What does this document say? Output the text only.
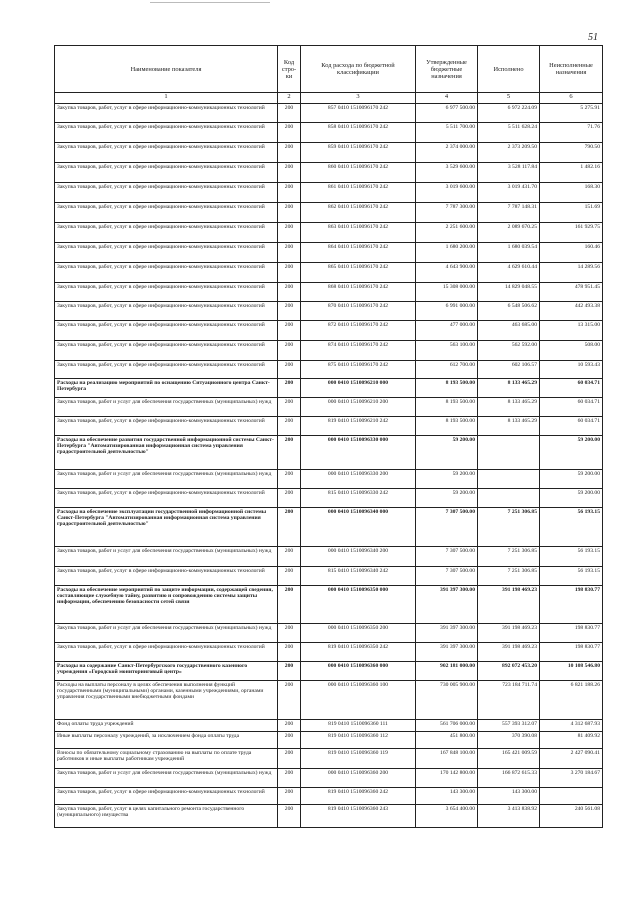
51
Наименование показателя	Код стро-ки	Код расхода по бюджетной классификации	Утвержденные бюджетные назначения	Исполнено	Неисполненные назначения
1	2	3	4	5	6
Закупка товаров, работ, услуг в сфере информационно-коммуникационных технологий	200	857 0410 1510096170 242	6 977 500.00	6 972 224.09	5 275.91
Закупка товаров, работ, услуг в сфере информационно-коммуникационных технологий	200	858 0410 1510096170 242	5 511 700.00	5 511 628.24	71.76
Закупка товаров, работ, услуг в сфере информационно-коммуникационных технологий	200	859 0410 1510096170 242	2 374 000.00	2 373 209.50	790.50
Закупка товаров, работ, услуг в сфере информационно-коммуникационных технологий	200	860 0410 1510096170 242	3 529 600.00	3 528 117.84	1 482.16
Закупка товаров, работ, услуг в сфере информационно-коммуникационных технологий	200	861 0410 1510096170 242	3 019 600.00	3 019 431.70	168.30
Закупка товаров, работ, услуг в сфере информационно-коммуникационных технологий	200	862 0410 1510096170 242	7 787 300.00	7 787 148.31	151.69
Закупка товаров, работ, услуг в сфере информационно-коммуникационных технологий	200	863 0410 1510096170 242	2 251 600.00	2 089 670.25	161 929.75
Закупка товаров, работ, услуг в сфере информационно-коммуникационных технологий	200	864 0410 1510096170 242	1 680 200.00	1 680 039.54	160.46
Закупка товаров, работ, услуг в сфере информационно-коммуникационных технологий	200	865 0410 1510096170 242	4 643 900.00	4 629 610.44	14 289.56
Закупка товаров, работ, услуг в сфере информационно-коммуникационных технологий	200	868 0410 1510096170 242	15 308 000.00	14 829 048.55	478 951.45
Закупка товаров, работ, услуг в сфере информационно-коммуникационных технологий	200	870 0410 1510096170 242	6 991 000.00	6 548 506.62	442 493.38
Закупка товаров, работ, услуг в сфере информационно-коммуникационных технологий	200	872 0410 1510096170 242	477 000.00	463 685.00	13 315.00
Закупка товаров, работ, услуг в сфере информационно-коммуникационных технологий	200	874 0410 1510096170 242	563 100.00	562 592.00	508.00
Закупка товаров, работ, услуг в сфере информационно-коммуникационных технологий	200	875 0410 1510096170 242	612 700.00	602 106.57	10 593.43
Расходы на реализацию мероприятий по оснащению Ситуационного центра Санкт-Петербурга	200	000 0410 1510096210 000	8 193 500.00	8 133 465.29	60 034.71
Закупка товаров, работ и услуг для обеспечения государственных (муниципальных) нужд	200	000 0410 1510096210 200	8 193 500.00	8 133 465.29	60 034.71
Закупка товаров, работ, услуг в сфере информационно-коммуникационных технологий	200	819 0410 1510096210 242	8 193 500.00	8 133 465.29	60 034.71
Расходы на обеспечение развития государственной информационной системы Санкт-Петербурга "Автоматизированная информационная система управления градостроительной деятельностью"	200	000 0410 1510096330 000	59 200.00		59 200.00
Закупка товаров, работ и услуг для обеспечения государственных (муниципальных) нужд	200	000 0410 1510096330 200	59 200.00		59 200.00
Закупка товаров, работ, услуг в сфере информационно-коммуникационных технологий	200	815 0410 1510096330 242	59 200.00		59 200.00
Расходы на обеспечение эксплуатации государственной информационной системы Санкт-Петербурга "Автоматизированная информационная система управления градостроительной деятельностью"	200	000 0410 1510096340 000	7 307 500.00	7 251 306.85	56 193.15
Закупка товаров, работ и услуг для обеспечения государственных (муниципальных) нужд	200	000 0410 1510096340 200	7 307 500.00	7 251 306.85	56 193.15
Закупка товаров, работ, услуг в сфере информационно-коммуникационных технологий	200	815 0410 1510096340 242	7 307 500.00	7 251 306.85	56 193.15
Расходы на обеспечение мероприятий по защите информации, содержащей сведения, составляющие служебную тайну, развитию и сопровождению системы защиты информации, обеспечению безопасности сетей связи	200	000 0410 1510096350 000	391 397 300.00	391 198 469.23	198 830.77
Закупка товаров, работ и услуг для обеспечения государственных (муниципальных) нужд	200	000 0410 1510096350 200	391 397 300.00	391 198 469.23	198 830.77
Закупка товаров, работ, услуг в сфере информационно-коммуникационных технологий	200	819 0410 1510096350 242	391 397 300.00	391 198 469.23	198 830.77
Расходы на содержание Санкт-Петербургского государственного казенного учреждения «Городской мониторинговый центр»	200	000 0410 1510096360 000	902 181 000.00	892 072 453.20	10 108 546.80
Расходы на выплаты персоналу в целях обеспечения выполнения функций государственными (муниципальными) органами, казенными учреждениями, органами управления государственными внебюджетными фондами	200	000 0410 1510096360 100	730 005 900.00	723 184 711.74	6 821 188.26
Фонд оплаты труда учреждений	200	819 0410 1510096360 111	561 706 000.00	557 393 312.07	4 312 687.93
Иные выплаты персоналу учреждений, за исключением фонда оплаты труда	200	819 0410 1510096360 112	451 800.00	370 390.08	81 409.92
Взносы по обязательному социальному страхованию на выплаты по оплате труда работников и иные выплаты работникам учреждений	200	819 0410 1510096360 119	167 848 100.00	165 421 009.59	2 427 090.41
Закупка товаров, работ и услуг для обеспечения государственных (муниципальных) нужд	200	000 0410 1510096360 200	170 142 800.00	166 872 615.33	3 270 184.67
Закупка товаров, работ, услуг в сфере информационно-коммуникационных технологий	200	819 0410 1510096360 242	143 300.00	143 300.00	
Закупка товаров, работ, услуг в целях капитального ремонта государственного (муниципального) имущества	200	819 0410 1510096360 243	3 654 400.00	3 413 838.92	240 561.08
